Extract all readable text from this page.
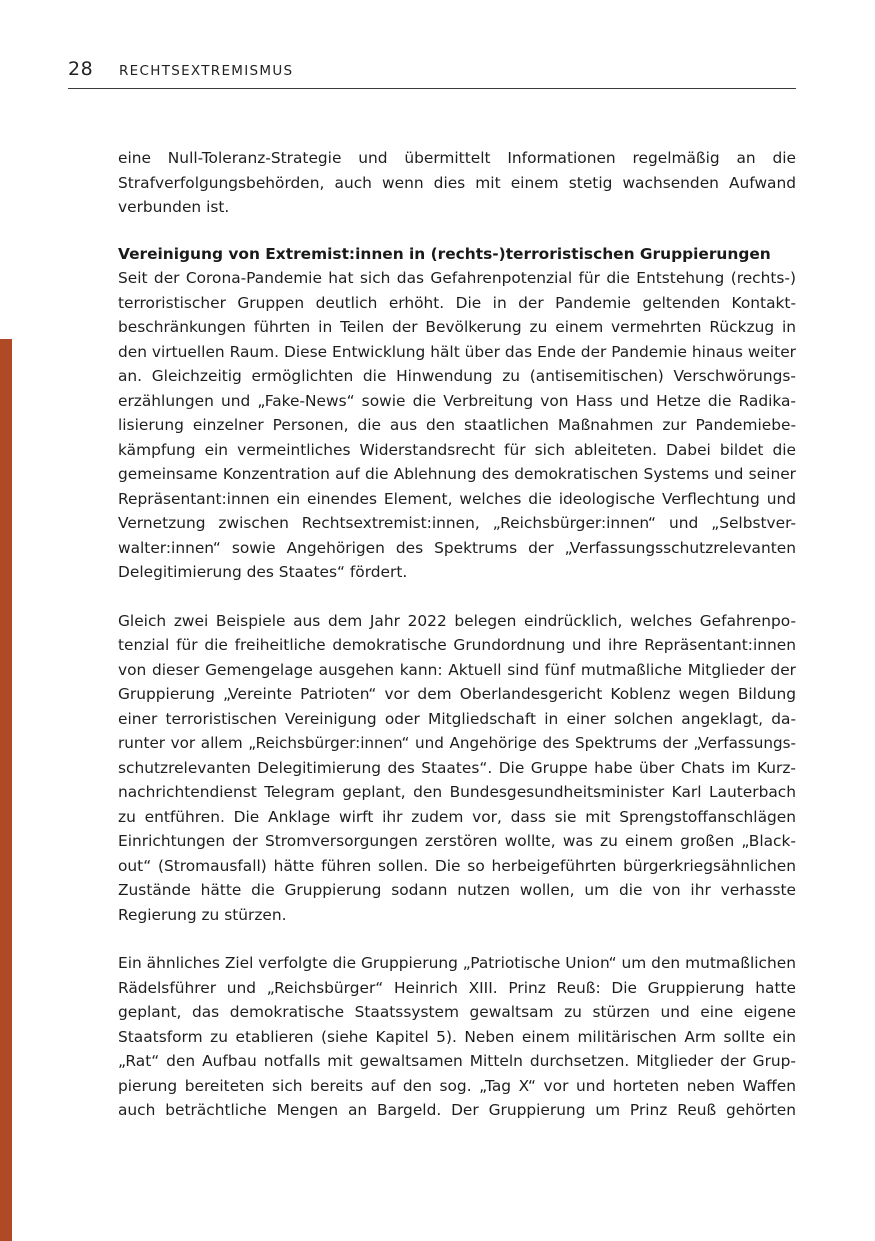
28 RECHTSEXTREMISMUS
eine Null-Toleranz-Strategie und übermittelt Informationen regelmäßig an die
Strafverfolgungsbehörden, auch wenn dies mit einem stetig wachsenden Aufwand
verbunden ist.
Vereinigung von Extremist:innen in (rechts-)terroristischen Gruppierungen
Seit der Corona-Pandemie hat sich das Gefahrenpotenzial für die Entstehung (rechts-)
terroristischer Gruppen deutlich erhöht. Die in der Pandemie geltenden Kontakt-
beschränkungen führten in Teilen der Bevölkerung zu einem vermehrten Rückzug in
den virtuellen Raum. Diese Entwicklung hält über das Ende der Pandemie hinaus weiter
an. Gleichzeitig ermöglichten die Hinwendung zu (antisemitischen) Verschwörungs-
erzählungen und „Fake-News“ sowie die Verbreitung von Hass und Hetze die Radika-
lisierung einzelner Personen, die aus den staatlichen Maßnahmen zur Pandemiebe-
kämpfung ein vermeintliches Widerstandsrecht für sich ableiteten. Dabei bildet die
gemeinsame Konzentration auf die Ablehnung des demokratischen Systems und seiner
Repräsentant:innen ein einendes Element, welches die ideologische Verflechtung und
Vernetzung zwischen Rechtsextremist:innen, „Reichsbürger:innen“ und „Selbstver-
walter:innen“ sowie Angehörigen des Spektrums der „Verfassungsschutzrelevanten
Delegitimierung des Staates“ fördert.
Gleich zwei Beispiele aus dem Jahr 2022 belegen eindrücklich, welches Gefahrenpo-
tenzial für die freiheitliche demokratische Grundordnung und ihre Repräsentant:innen
von dieser Gemengelage ausgehen kann: Aktuell sind fünf mutmaßliche Mitglieder der
Gruppierung „Vereinte Patrioten“ vor dem Oberlandesgericht Koblenz wegen Bildung
einer terroristischen Vereinigung oder Mitgliedschaft in einer solchen angeklagt, da-
runter vor allem „Reichsbürger:innen“ und Angehörige des Spektrums der „Verfassungs-
schutzrelevanten Delegitimierung des Staates“. Die Gruppe habe über Chats im Kurz-
nachrichtendienst Telegram geplant, den Bundesgesundheitsminister Karl Lauterbach
zu entführen. Die Anklage wirft ihr zudem vor, dass sie mit Sprengstoffanschlägen
Einrichtungen der Stromversorgungen zerstören wollte, was zu einem großen „Black-
out“ (Stromausfall) hätte führen sollen. Die so herbeigeführten bürgerkriegsähnlichen
Zustände hätte die Gruppierung sodann nutzen wollen, um die von ihr verhasste
Regierung zu stürzen.
Ein ähnliches Ziel verfolgte die Gruppierung „Patriotische Union“ um den mutmaßlichen
Rädelsführer und „Reichsbürger“ Heinrich XIII. Prinz Reuß: Die Gruppierung hatte
geplant, das demokratische Staatssystem gewaltsam zu stürzen und eine eigene
Staatsform zu etablieren (siehe Kapitel 5). Neben einem militärischen Arm sollte ein
„Rat“ den Aufbau notfalls mit gewaltsamen Mitteln durchsetzen. Mitglieder der Grup-
pierung bereiteten sich bereits auf den sog. „Tag X“ vor und horteten neben Waffen
auch beträchtliche Mengen an Bargeld. Der Gruppierung um Prinz Reuß gehörten
